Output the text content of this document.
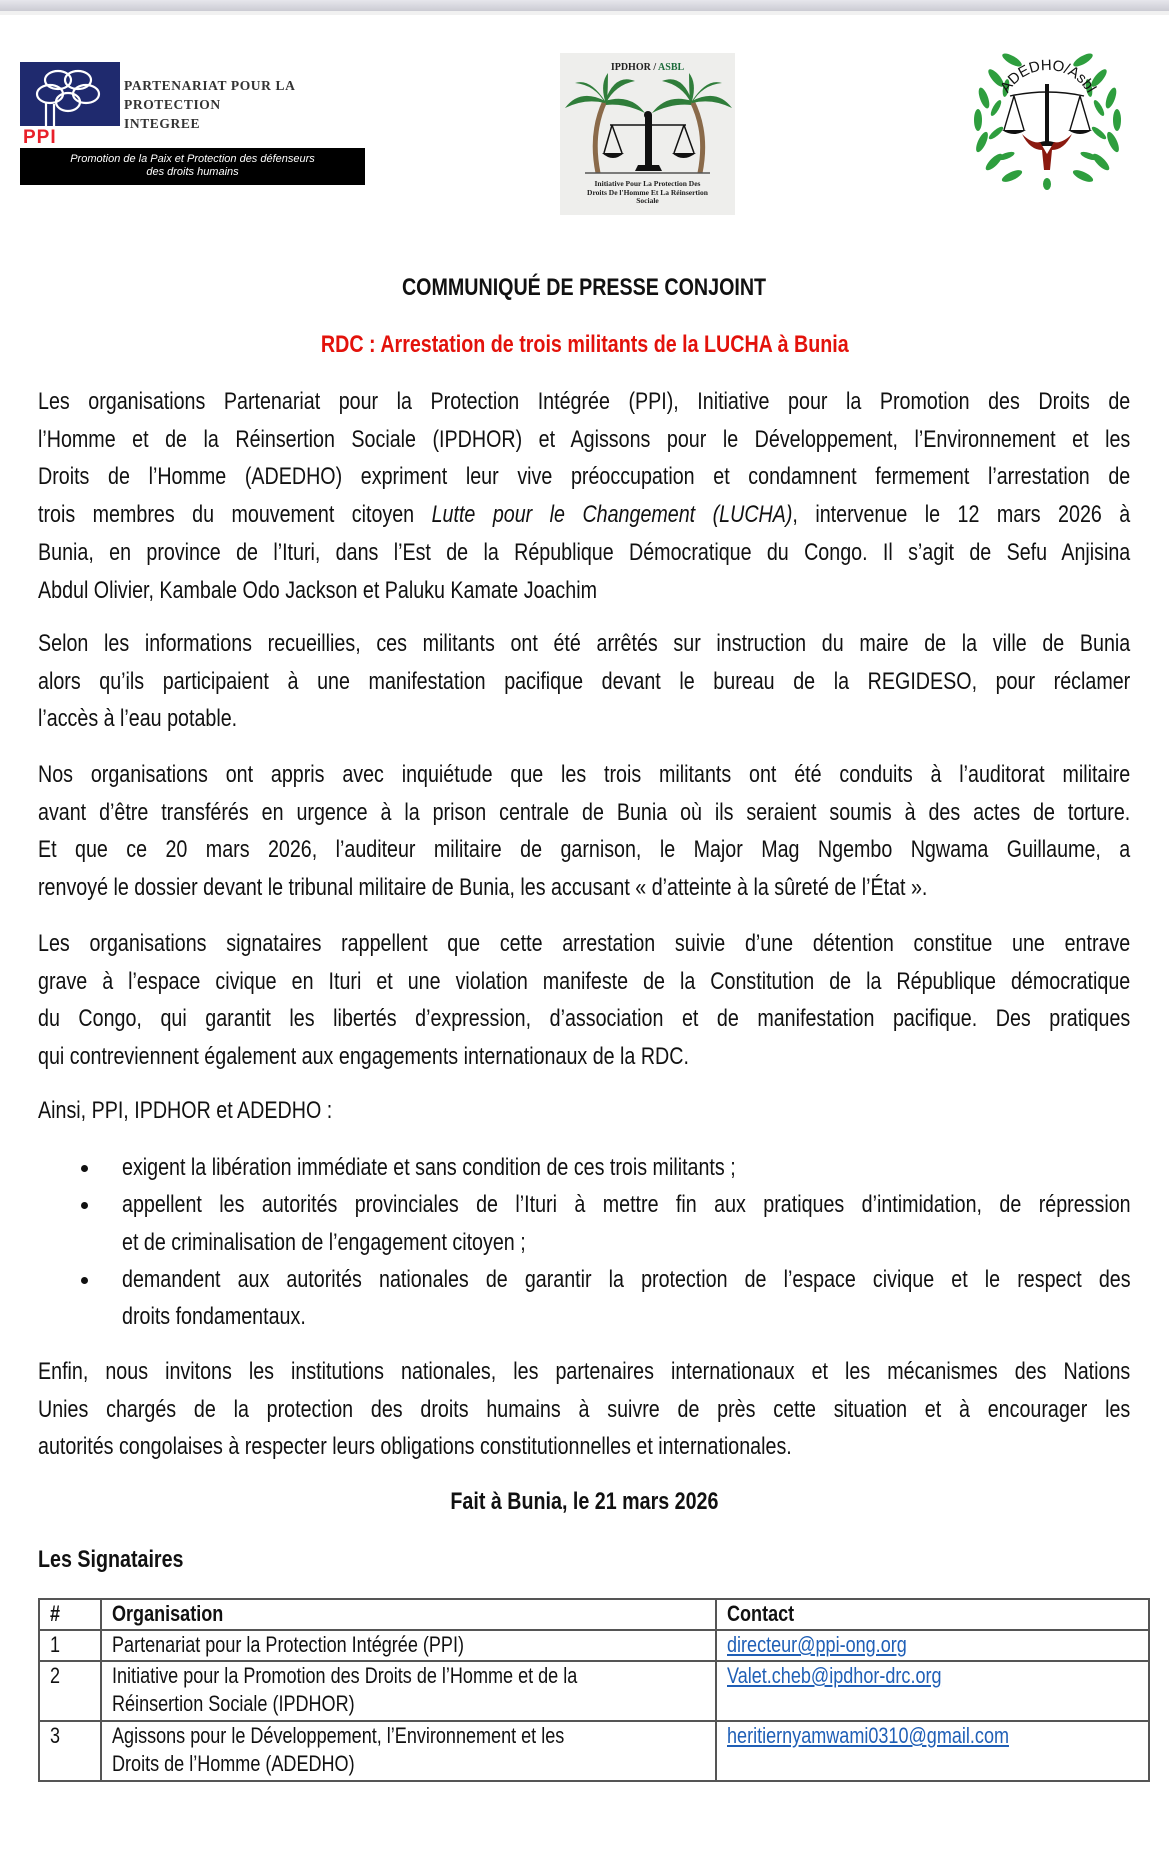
PARTENARIAT POUR LA
PROTECTION
INTEGREE
PPI
Promotion de la Paix et Protection des défenseurs
des droits humains
IPDHOR / ASBL
Initiative Pour La Protection Des
Droits De l'Homme Et La Réinsertion
Sociale
ADEDHO/Asbl
COMMUNIQUÉ DE PRESSE CONJOINT
RDC : Arrestation de trois militants de la LUCHA à Bunia
Les organisations Partenariat pour la Protection Intégrée (PPI), Initiative pour la Promotion des Droits de
l’Homme et de la Réinsertion Sociale (IPDHOR) et Agissons pour le Développement, l’Environnement et les
Droits de l’Homme (ADEDHO) expriment leur vive préoccupation et condamnent fermement l’arrestation de
trois membres du mouvement citoyen Lutte pour le Changement (LUCHA), intervenue le 12 mars 2026 à
Bunia, en province de l’Ituri, dans l’Est de la République Démocratique du Congo. Il s’agit de Sefu Anjisina
Abdul Olivier, Kambale Odo Jackson et Paluku Kamate Joachim
Selon les informations recueillies, ces militants ont été arrêtés sur instruction du maire de la ville de Bunia
alors qu’ils participaient à une manifestation pacifique devant le bureau de la REGIDESO, pour réclamer
l’accès à l’eau potable.
Nos organisations ont appris avec inquiétude que les trois militants ont été conduits à l’auditorat militaire
avant d’être transférés en urgence à la prison centrale de Bunia où ils seraient soumis à des actes de torture.
Et que ce 20 mars 2026, l’auditeur militaire de garnison, le Major Mag Ngembo Ngwama Guillaume, a
renvoyé le dossier devant le tribunal militaire de Bunia, les accusant « d’atteinte à la sûreté de l’État ».
Les organisations signataires rappellent que cette arrestation suivie d’une détention constitue une entrave
grave à l’espace civique en Ituri et une violation manifeste de la Constitution de la République démocratique
du Congo, qui garantit les libertés d’expression, d’association et de manifestation pacifique. Des pratiques
qui contreviennent également aux engagements internationaux de la RDC.
Ainsi, PPI, IPDHOR et ADEDHO :
exigent la libération immédiate et sans condition de ces trois militants ;
appellent les autorités provinciales de l’Ituri à mettre fin aux pratiques d’intimidation, de répression
et de criminalisation de l’engagement citoyen ;
demandent aux autorités nationales de garantir la protection de l’espace civique et le respect des
droits fondamentaux.
Enfin, nous invitons les institutions nationales, les partenaires internationaux et les mécanismes des Nations
Unies chargés de la protection des droits humains à suivre de près cette situation et à encourager les
autorités congolaises à respecter leurs obligations constitutionnelles et internationales.
Fait à Bunia, le 21 mars 2026
Les Signataires
#	Organisation	Contact

1	Partenariat pour la Protection Intégrée (PPI)	directeur@ppi-ong.org

2	Initiative pour la Promotion des Droits de l’Homme et de la
Réinsertion Sociale (IPDHOR)	Valet.cheb@ipdhor-drc.org

3	Agissons pour le Développement, l’Environnement et les
Droits de l’Homme (ADEDHO)	heritiernyamwami0310@gmail.com
